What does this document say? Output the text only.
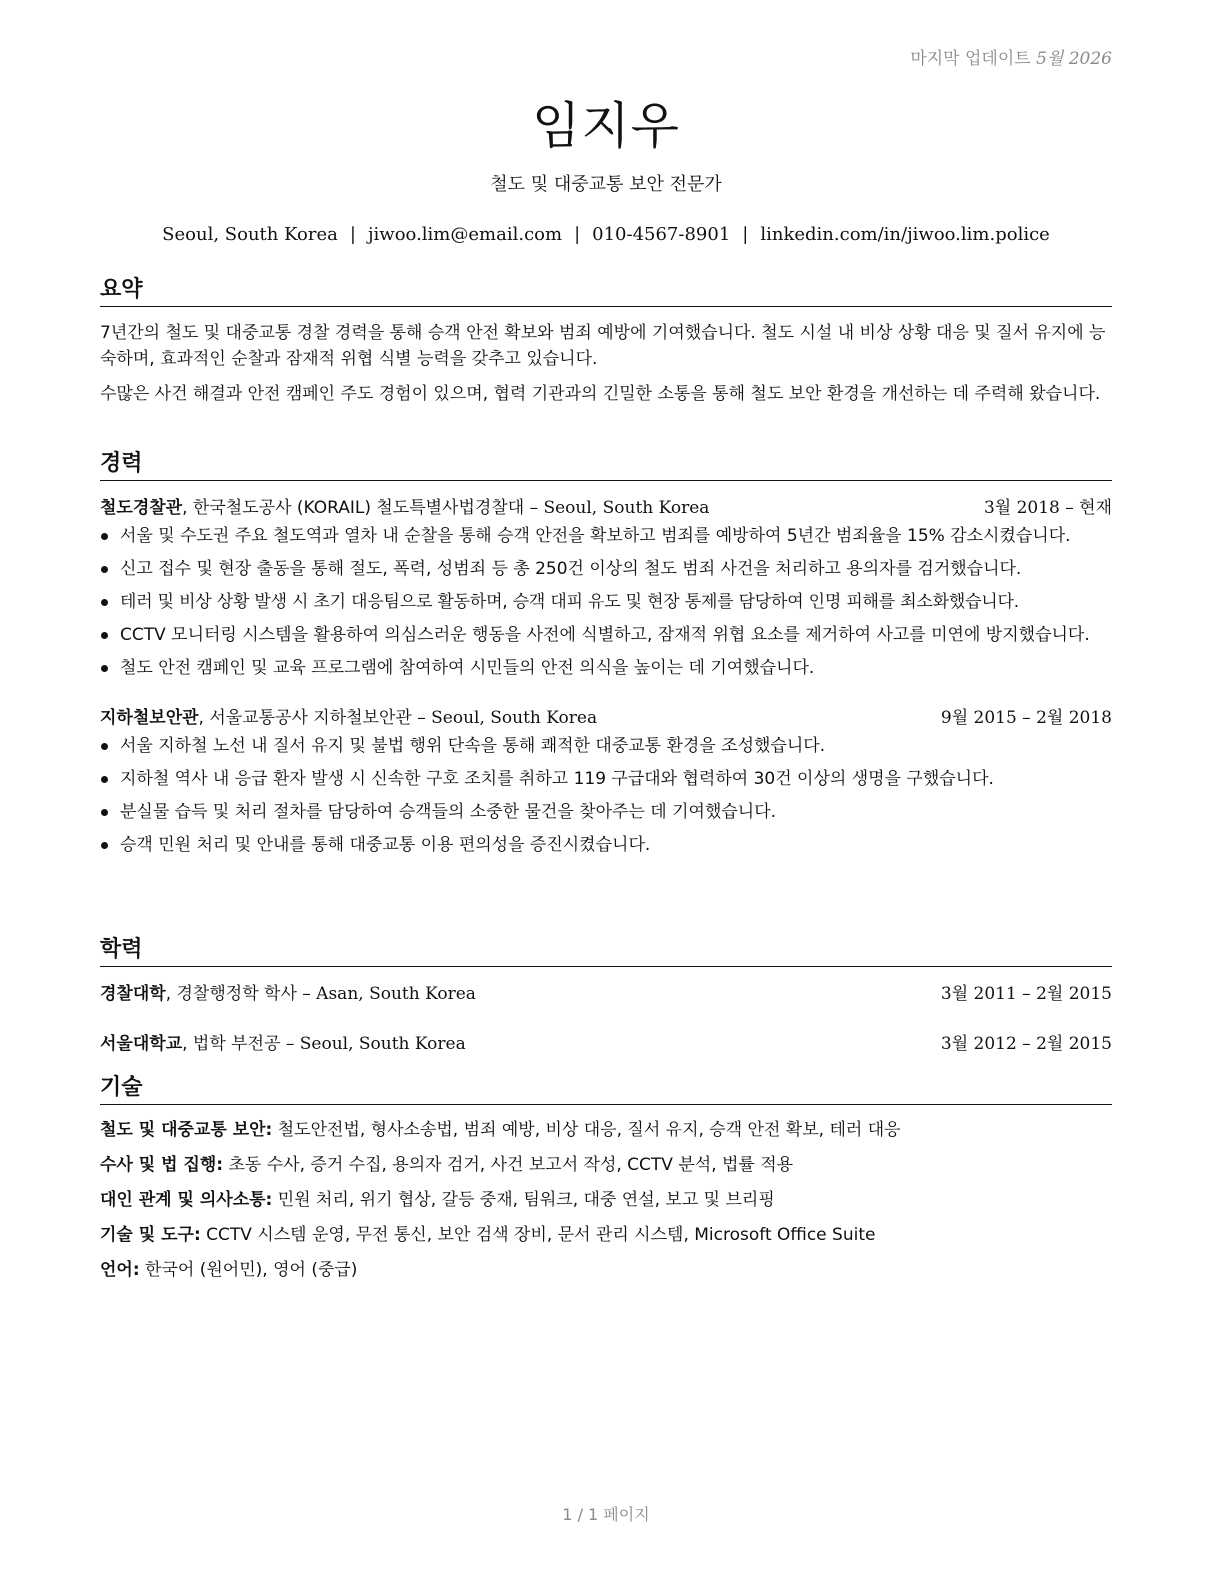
마지막 업데이트 5월 2026
임지우
철도 및 대중교통 보안 전문가
Seoul, South Korea | jiwoo.lim@email.com | 010-4567-8901 | linkedin.com/in/jiwoo.lim.police
요약

7년간의 철도 및 대중교통 경찰 경력을 통해 승객 안전 확보와 범죄 예방에 기여했습니다. 철도 시설 내 비상 상황 대응 및 질서 유지에 능숙하며, 효과적인 순찰과 잠재적 위협 식별 능력을 갖추고 있습니다.

수많은 사건 해결과 안전 캠페인 주도 경험이 있으며, 협력 기관과의 긴밀한 소통을 통해 철도 보안 환경을 개선하는 데 주력해 왔습니다.

경력
철도경찰관, 한국철도공사 (KORAIL) 철도특별사법경찰대 – Seoul, South Korea	3월 2018 – 현재
서울 및 수도권 주요 철도역과 열차 내 순찰을 통해 승객 안전을 확보하고 범죄를 예방하여 5년간 범죄율을 15% 감소시켰습니다.
신고 접수 및 현장 출동을 통해 절도, 폭력, 성범죄 등 총 250건 이상의 철도 범죄 사건을 처리하고 용의자를 검거했습니다.
테러 및 비상 상황 발생 시 초기 대응팀으로 활동하며, 승객 대피 유도 및 현장 통제를 담당하여 인명 피해를 최소화했습니다.
CCTV 모니터링 시스템을 활용하여 의심스러운 행동을 사전에 식별하고, 잠재적 위협 요소를 제거하여 사고를 미연에 방지했습니다.
철도 안전 캠페인 및 교육 프로그램에 참여하여 시민들의 안전 의식을 높이는 데 기여했습니다.
지하철보안관, 서울교통공사 지하철보안관 – Seoul, South Korea	9월 2015 – 2월 2018
서울 지하철 노선 내 질서 유지 및 불법 행위 단속을 통해 쾌적한 대중교통 환경을 조성했습니다.
지하철 역사 내 응급 환자 발생 시 신속한 구호 조치를 취하고 119 구급대와 협력하여 30건 이상의 생명을 구했습니다.
분실물 습득 및 처리 절차를 담당하여 승객들의 소중한 물건을 찾아주는 데 기여했습니다.
승객 민원 처리 및 안내를 통해 대중교통 이용 편의성을 증진시켰습니다.
학력
경찰대학, 경찰행정학 학사 – Asan, South Korea	3월 2011 – 2월 2015
서울대학교, 법학 부전공 – Seoul, South Korea	3월 2012 – 2월 2015
기술
철도 및 대중교통 보안: 철도안전법, 형사소송법, 범죄 예방, 비상 대응, 질서 유지, 승객 안전 확보, 테러 대응
수사 및 법 집행: 초동 수사, 증거 수집, 용의자 검거, 사건 보고서 작성, CCTV 분석, 법률 적용
대인 관계 및 의사소통: 민원 처리, 위기 협상, 갈등 중재, 팀워크, 대중 연설, 보고 및 브리핑
기술 및 도구: CCTV 시스템 운영, 무전 통신, 보안 검색 장비, 문서 관리 시스템, Microsoft Office Suite
언어: 한국어 (원어민), 영어 (중급)
1 / 1 페이지
